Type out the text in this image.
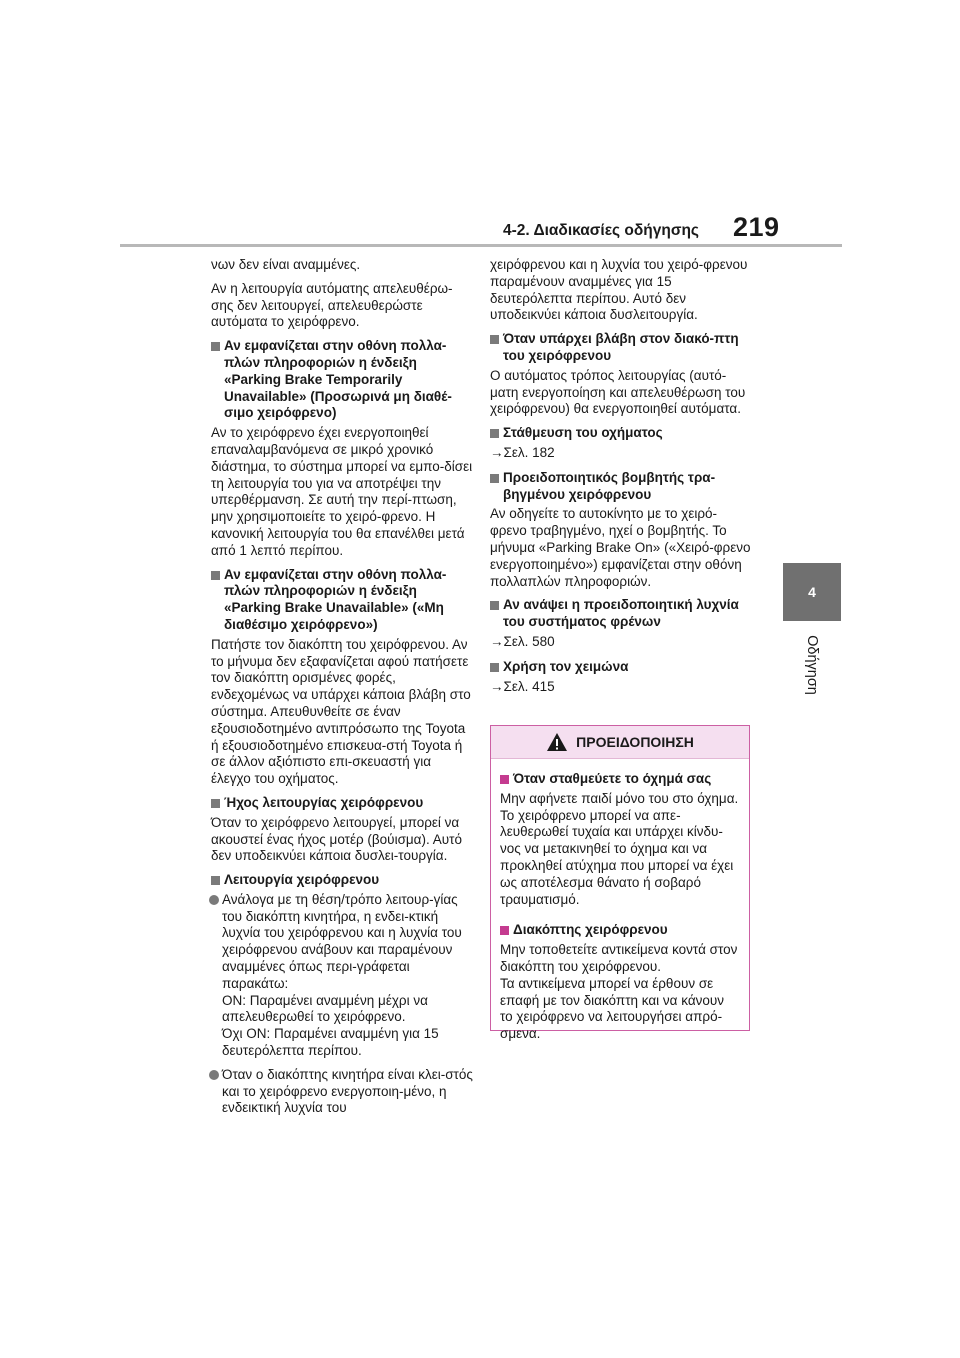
4-2. Διαδικασίες οδήγησης 219
4
Οδήγηση

νων δεν είναι αναμμένες.

Αν η λειτουργία αυτόματης απελευθέρω-σης δεν λειτουργεί, απελευθερώστε αυτόματα το χειρόφρενο.

Αν εμφανίζεται στην οθόνη πολλα-πλών πληροφοριών η ένδειξη «Parking Brake Temporarily Unavailable» (Προσωρινά μη διαθέ-σιμο χειρόφρενο)

Αν το χειρόφρενο έχει ενεργοποιηθεί επαναλαμβανόμενα σε μικρό χρονικό διάστημα, το σύστημα μπορεί να εμπο-δίσει τη λειτουργία του για να αποτρέψει την υπερθέρμανση. Σε αυτή την περί-πτωση, μην χρησιμοποιείτε το χειρό-φρενο. Η κανονική λειτουργία του θα επανέλθει μετά από 1 λεπτό περίπου.

Αν εμφανίζεται στην οθόνη πολλα-πλών πληροφοριών η ένδειξη «Parking Brake Unavailable» («Μη διαθέσιμο χειρόφρενο»)

Πατήστε τον διακόπτη του χειρόφρενου. Αν το μήνυμα δεν εξαφανίζεται αφού πατήσετε τον διακόπτη ορισμένες φορές, ενδεχομένως να υπάρχει κάποια βλάβη στο σύστημα. Απευθυνθείτε σε έναν εξουσιοδοτημένο αντιπρόσωπο της Toyota ή εξουσιοδοτημένο επισκευα-στή Toyota ή σε άλλον αξιόπιστο επι-σκευαστή για έλεγχο του οχήματος.

Ήχος λειτουργίας χειρόφρενου

Όταν το χειρόφρενο λειτουργεί, μπορεί να ακουστεί ένας ήχος μοτέρ (βούισμα). Αυτό δεν υποδεικνύει κάποια δυσλει-τουργία.

Λειτουργία χειρόφρενου
Ανάλογα με τη θέση/τρόπο λειτουρ-γίας του διακόπτη κινητήρα, η ενδει-κτική λυχνία του χειρόφρενου και η λυχνία του χειρόφρενου ανάβουν και παραμένουν αναμμένες όπως περι-γράφεται παρακάτω:
ON: Παραμένει αναμμένη μέχρι να απελευθερωθεί το χειρόφρενο.
Όχι ON: Παραμένει αναμμένη για 15 δευτερόλεπτα περίπου.
Όταν ο διακόπτης κινητήρα είναι κλει-στός και το χειρόφρενο ενεργοποιη-μένο, η ενδεικτική λυχνία του

χειρόφρενου και η λυχνία του χειρό-φρενου παραμένουν αναμμένες για 15 δευτερόλεπτα περίπου. Αυτό δεν υποδεικνύει κάποια δυσλειτουργία.

Όταν υπάρχει βλάβη στον διακό-πτη του χειρόφρενου

Ο αυτόματος τρόπος λειτουργίας (αυτό-ματη ενεργοποίηση και απελευθέρωση του χειρόφρενου) θα ενεργοποιηθεί αυτόματα.

Στάθμευση του οχήματος

→Σελ. 182

Προειδοποιητικός βομβητής τρα-βηγμένου χειρόφρενου

Αν οδηγείτε το αυτοκίνητο με το χειρό-φρενο τραβηγμένο, ηχεί ο βομβητής. Το μήνυμα «Parking Brake On» («Χειρό-φρενο ενεργοποιημένο») εμφανίζεται στην οθόνη πολλαπλών πληροφοριών.

Αν ανάψει η προειδοποιητική λυχνία του συστήματος φρένων

→Σελ. 580

Χρήση τον χειμώνα

→Σελ. 415

ΠΡΟΕΙΔΟΠΟΙΗΣΗ
Όταν σταθμεύετε το όχημά σας

Μην αφήνετε παιδί μόνο του στο όχημα. Το χειρόφρενο μπορεί να απε-λευθερωθεί τυχαία και υπάρχει κίνδυ-νος να μετακινηθεί το όχημα και να προκληθεί ατύχημα που μπορεί να έχει ως αποτέλεσμα θάνατο ή σοβαρό τραυματισμό.

Διακόπτης χειρόφρενου

Μην τοποθετείτε αντικείμενα κοντά στον διακόπτη του χειρόφρενου.

Τα αντικείμενα μπορεί να έρθουν σε επαφή με τον διακόπτη και να κάνουν το χειρόφρενο να λειτουργήσει απρό-σμενα.
